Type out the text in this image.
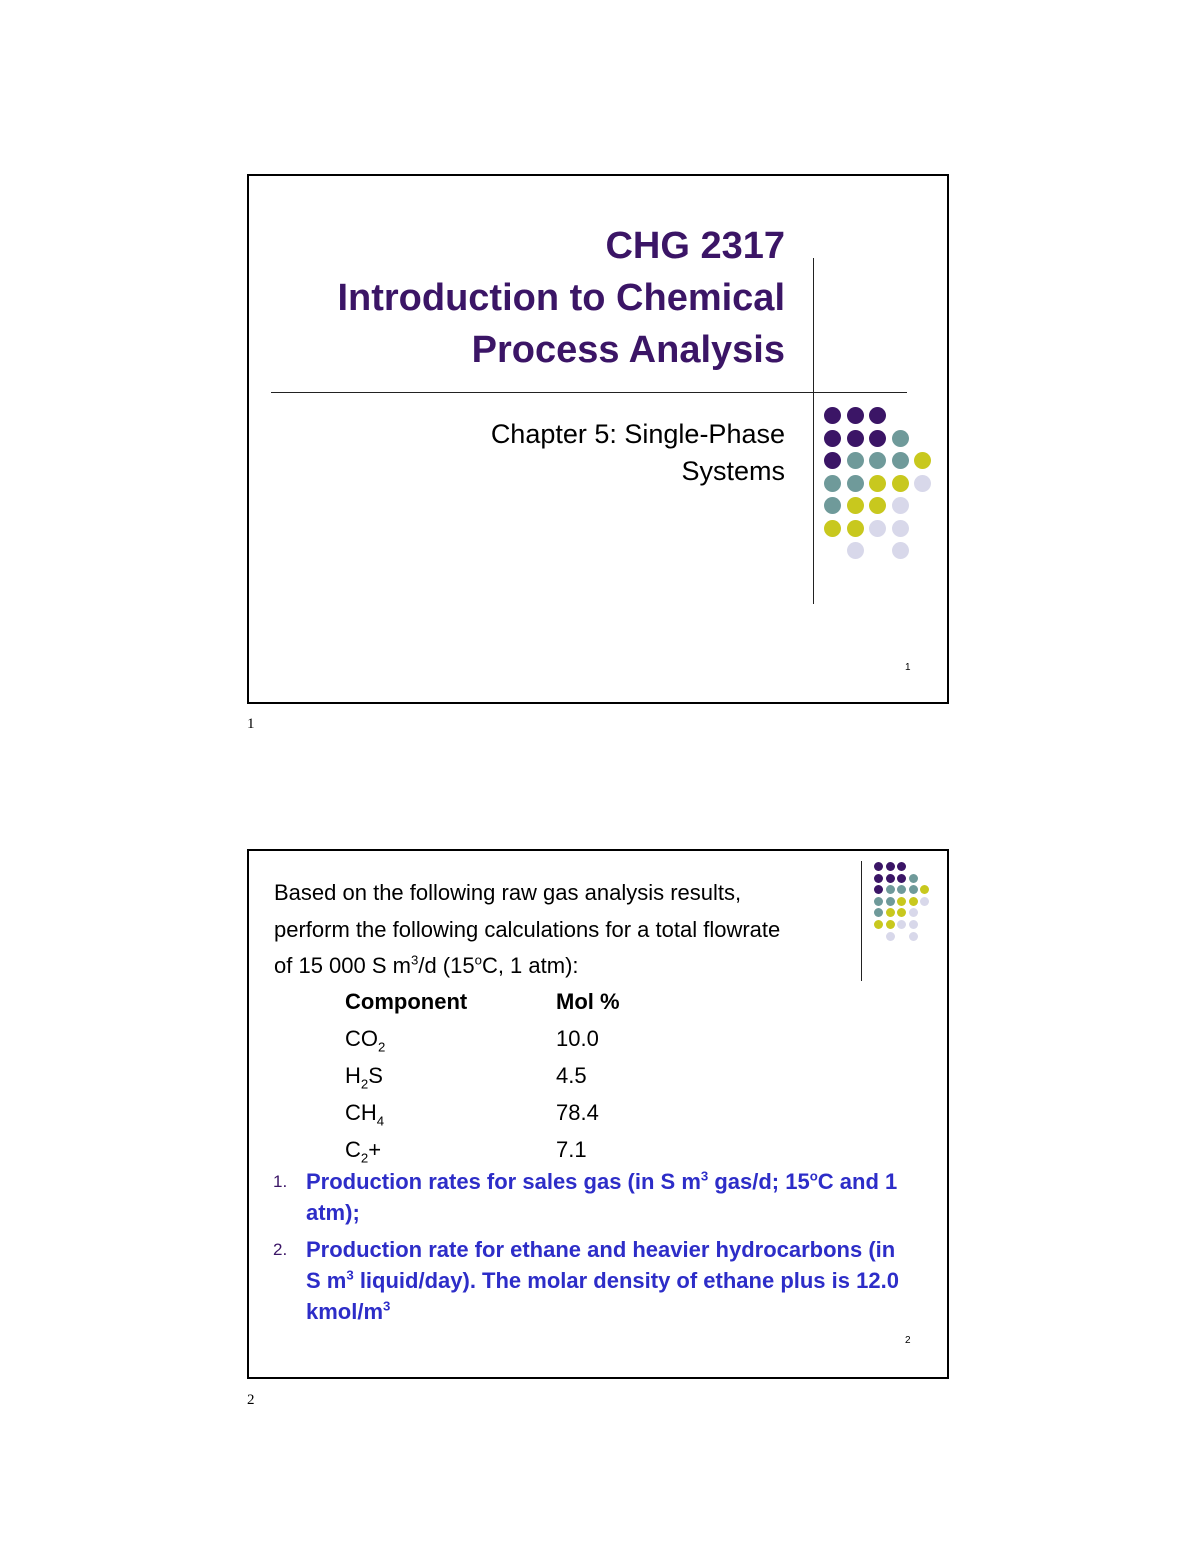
CHG 2317
Introduction to Chemical
Process Analysis
Chapter 5: Single-Phase
Systems
1
1
Based on the following raw gas analysis results,
perform the following calculations for a total flowrate
of 15 000 S $m^3/d$ (15$^o$C, 1 atm):
Component	Mol %
$CO_2$	10.0
$H_2S$	4.5
$CH_4$	78.4
$C_2+$	7.1
1. Production rates for sales gas (in S $m^3$ gas/d; 15$^o$C and 1 atm);
2. Production rate for ethane and heavier hydrocarbons (in S $m^3$ liquid/day). The molar density of ethane plus is 12.0 kmol/$m^3$
2
2
